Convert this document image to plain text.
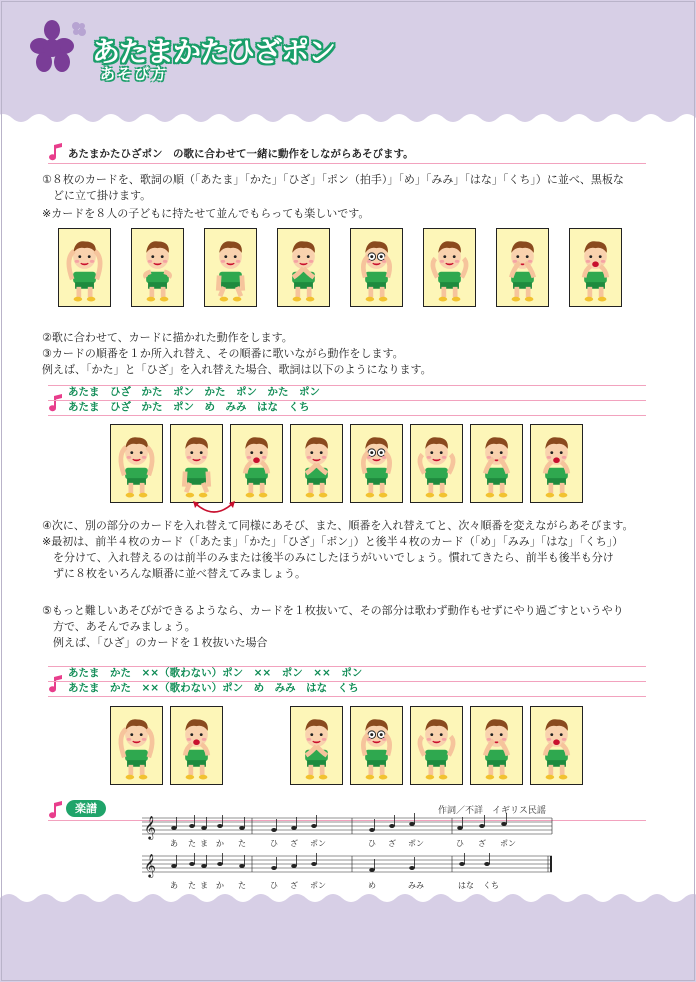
あたまかたひざポン
あそび方
あたまかたひざポン　の歌に合わせて一緒に動作をしながらあそびます。
①８枚のカードを、歌詞の順（「あたま」「かた」「ひざ」「ポン（拍手）」「め」「みみ」「はな」「くち」）に並べ、黒板な
　どに立て掛けます。
※カードを８人の子どもに持たせて並んでもらっても楽しいです。
②歌に合わせて、カードに描かれた動作をします。
③カードの順番を１か所入れ替え、その順番に歌いながら動作をします。
例えば、「かた」と「ひざ」を入れ替えた場合、歌詞は以下のようになります。
あたま　ひざ　かた　ポン　かた　ポン　かた　ポン
あたま　ひざ　かた　ポン　め　みみ　はな　くち
④次に、別の部分のカードを入れ替えて同様にあそび、また、順番を入れ替えてと、次々順番を変えながらあそびます。
※最初は、前半４枚のカード（「あたま」「かた」「ひざ」「ポン」）と後半４枚のカード（「め」「みみ」「はな」「くち」）
　を分けて、入れ替えるのは前半のみまたは後半のみにしたほうがいいでしょう。慣れてきたら、前半も後半も分け
　ずに８枚をいろんな順番に並べ替えてみましょう。
⑤もっと難しいあそびができるようなら、カードを１枚抜いて、その部分は歌わず動作もせずにやり過ごすというやり
　方で、あそんでみましょう。
　例えば、「ひざ」のカードを１枚抜いた場合
あたま　かた　××（歌わない）ポン　××　ポン　××　ポン
あたま　かた　××（歌わない）ポン　め　みみ　はな　くち
楽譜	作詞／不詳　イギリス民謡
𝄞
𝄞
あ た ま か た	ひ ざ ポン	ひ ざ ポン	ひ ざ ポン
あ た ま か た	ひ ざ ポン	め	みみ	はな くち
